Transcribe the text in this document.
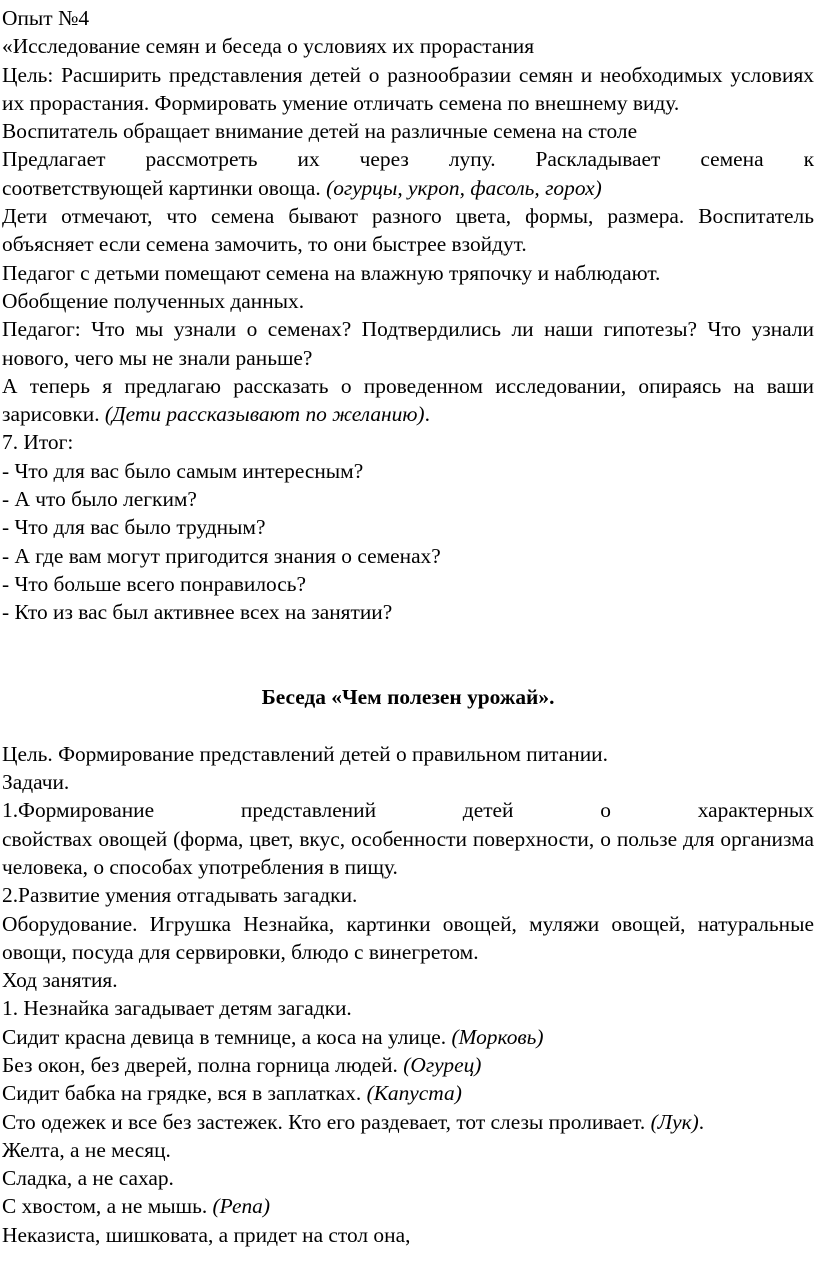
Опыт №4

«Исследование семян и беседа о условиях их прорастания

Цель: Расширить представления детей о разнообразии семян и необходимых условиях их прорастания. Формировать умение отличать семена по внешнему виду.

Воспитатель обращает внимание детей на различные семена на столе

Предлагает рассмотреть их через лупу. Раскладывает семена к

соответствующей картинки овоща. (огурцы, укроп, фасоль, горох)

Дети отмечают, что семена бывают разного цвета, формы, размера. Воспитатель объясняет если семена замочить, то они быстрее взойдут.

Педагог с детьми помещают семена на влажную тряпочку и наблюдают.

Обобщение полученных данных.

Педагог: Что мы узнали о семенах? Подтвердились ли наши гипотезы? Что узнали нового, чего мы не знали раньше?

А теперь я предлагаю рассказать о проведенном исследовании, опираясь на ваши зарисовки. (Дети рассказывают по желанию).

7. Итог:

- Что для вас было самым интересным?

- А что было легким?

- Что для вас было трудным?

- А где вам могут пригодится знания о семенах?

- Что больше всего понравилось?

- Кто из вас был активнее всех на занятии?

Беседа «Чем полезен урожай».

Цель. Формирование представлений детей о правильном питании.

Задачи.

1.Формирование представлений детей о характерных

свойствах овощей (форма, цвет, вкус, особенности поверхности, о пользе для организма человека, о способах употребления в пищу.

2.Развитие умения отгадывать загадки.

Оборудование. Игрушка Незнайка, картинки овощей, муляжи овощей, натуральные овощи, посуда для сервировки, блюдо с винегретом.

Ход занятия.

1. Незнайка загадывает детям загадки.

Сидит красна девица в темнице, а коса на улице. (Морковь)

Без окон, без дверей, полна горница людей. (Огурец)

Сидит бабка на грядке, вся в заплатках. (Капуста)

Сто одежек и все без застежек. Кто его раздевает, тот слезы проливает. (Лук).

Желта, а не месяц.

Сладка, а не сахар.

С хвостом, а не мышь. (Репа)

Неказиста, шишковата, а придет на стол она,
